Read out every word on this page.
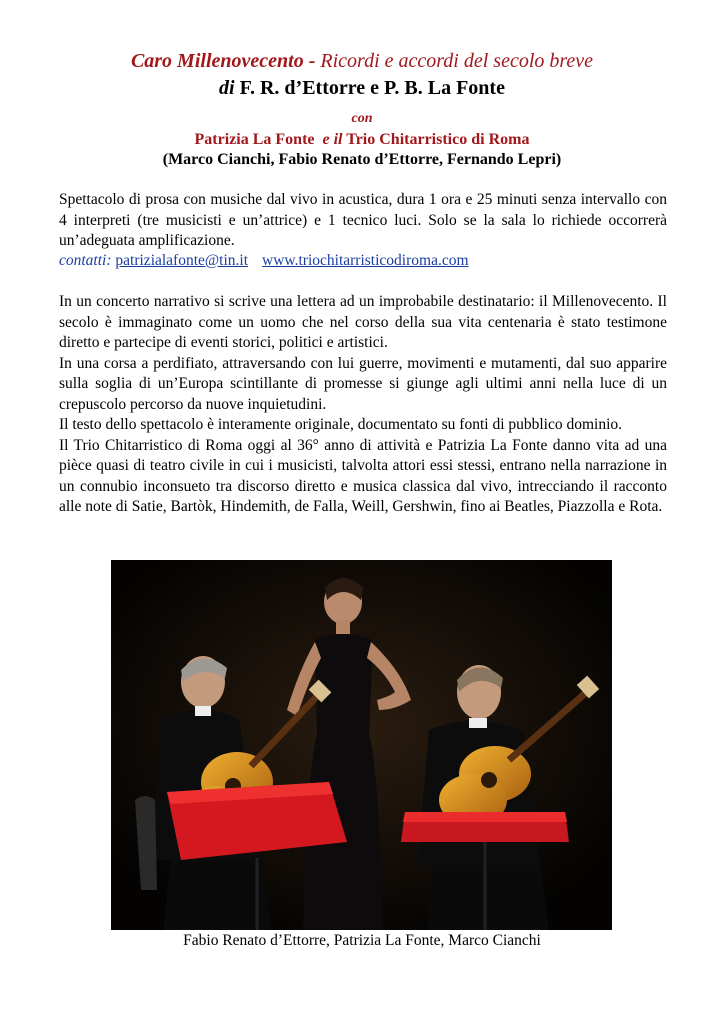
Caro Millenovecento - Ricordi e accordi del secolo breve
di F. R. d’Ettorre e P. B. La Fonte
con
Patrizia La Fonte e il Trio Chitarristico di Roma
(Marco Cianchi, Fabio Renato d’Ettorre, Fernando Lepri)
Spettacolo di prosa con musiche dal vivo in acustica, dura 1 ora e 25 minuti senza intervallo con 4 interpreti (tre musicisti e un’attrice) e 1 tecnico luci. Solo se la sala lo richiede occorrerà un’adeguata amplificazione.
contatti: patrizialafonte@tin.it www.triochitarristicodiroma.com
In un concerto narrativo si scrive una lettera ad un improbabile destinatario: il Millenovecento. Il secolo è immaginato come un uomo che nel corso della sua vita centenaria è stato testimone diretto e partecipe di eventi storici, politici e artistici.
In una corsa a perdifiato, attraversando con lui guerre, movimenti e mutamenti, dal suo apparire sulla soglia di un’Europa scintillante di promesse si giunge agli ultimi anni nella luce di un crepuscolo percorso da nuove inquietudini.
Il testo dello spettacolo è interamente originale, documentato su fonti di pubblico dominio.
Il Trio Chitarristico di Roma oggi al 36° anno di attività e Patrizia La Fonte danno vita ad una pièce quasi di teatro civile in cui i musicisti, talvolta attori essi stessi, entrano nella narrazione in un connubio inconsueto tra discorso diretto e musica classica dal vivo, intrecciando il racconto alle note di Satie, Bartòk, Hindemith, de Falla, Weill, Gershwin, fino ai Beatles, Piazzolla e Rota.
Fabio Renato d’Ettorre, Patrizia La Fonte, Marco Cianchi
